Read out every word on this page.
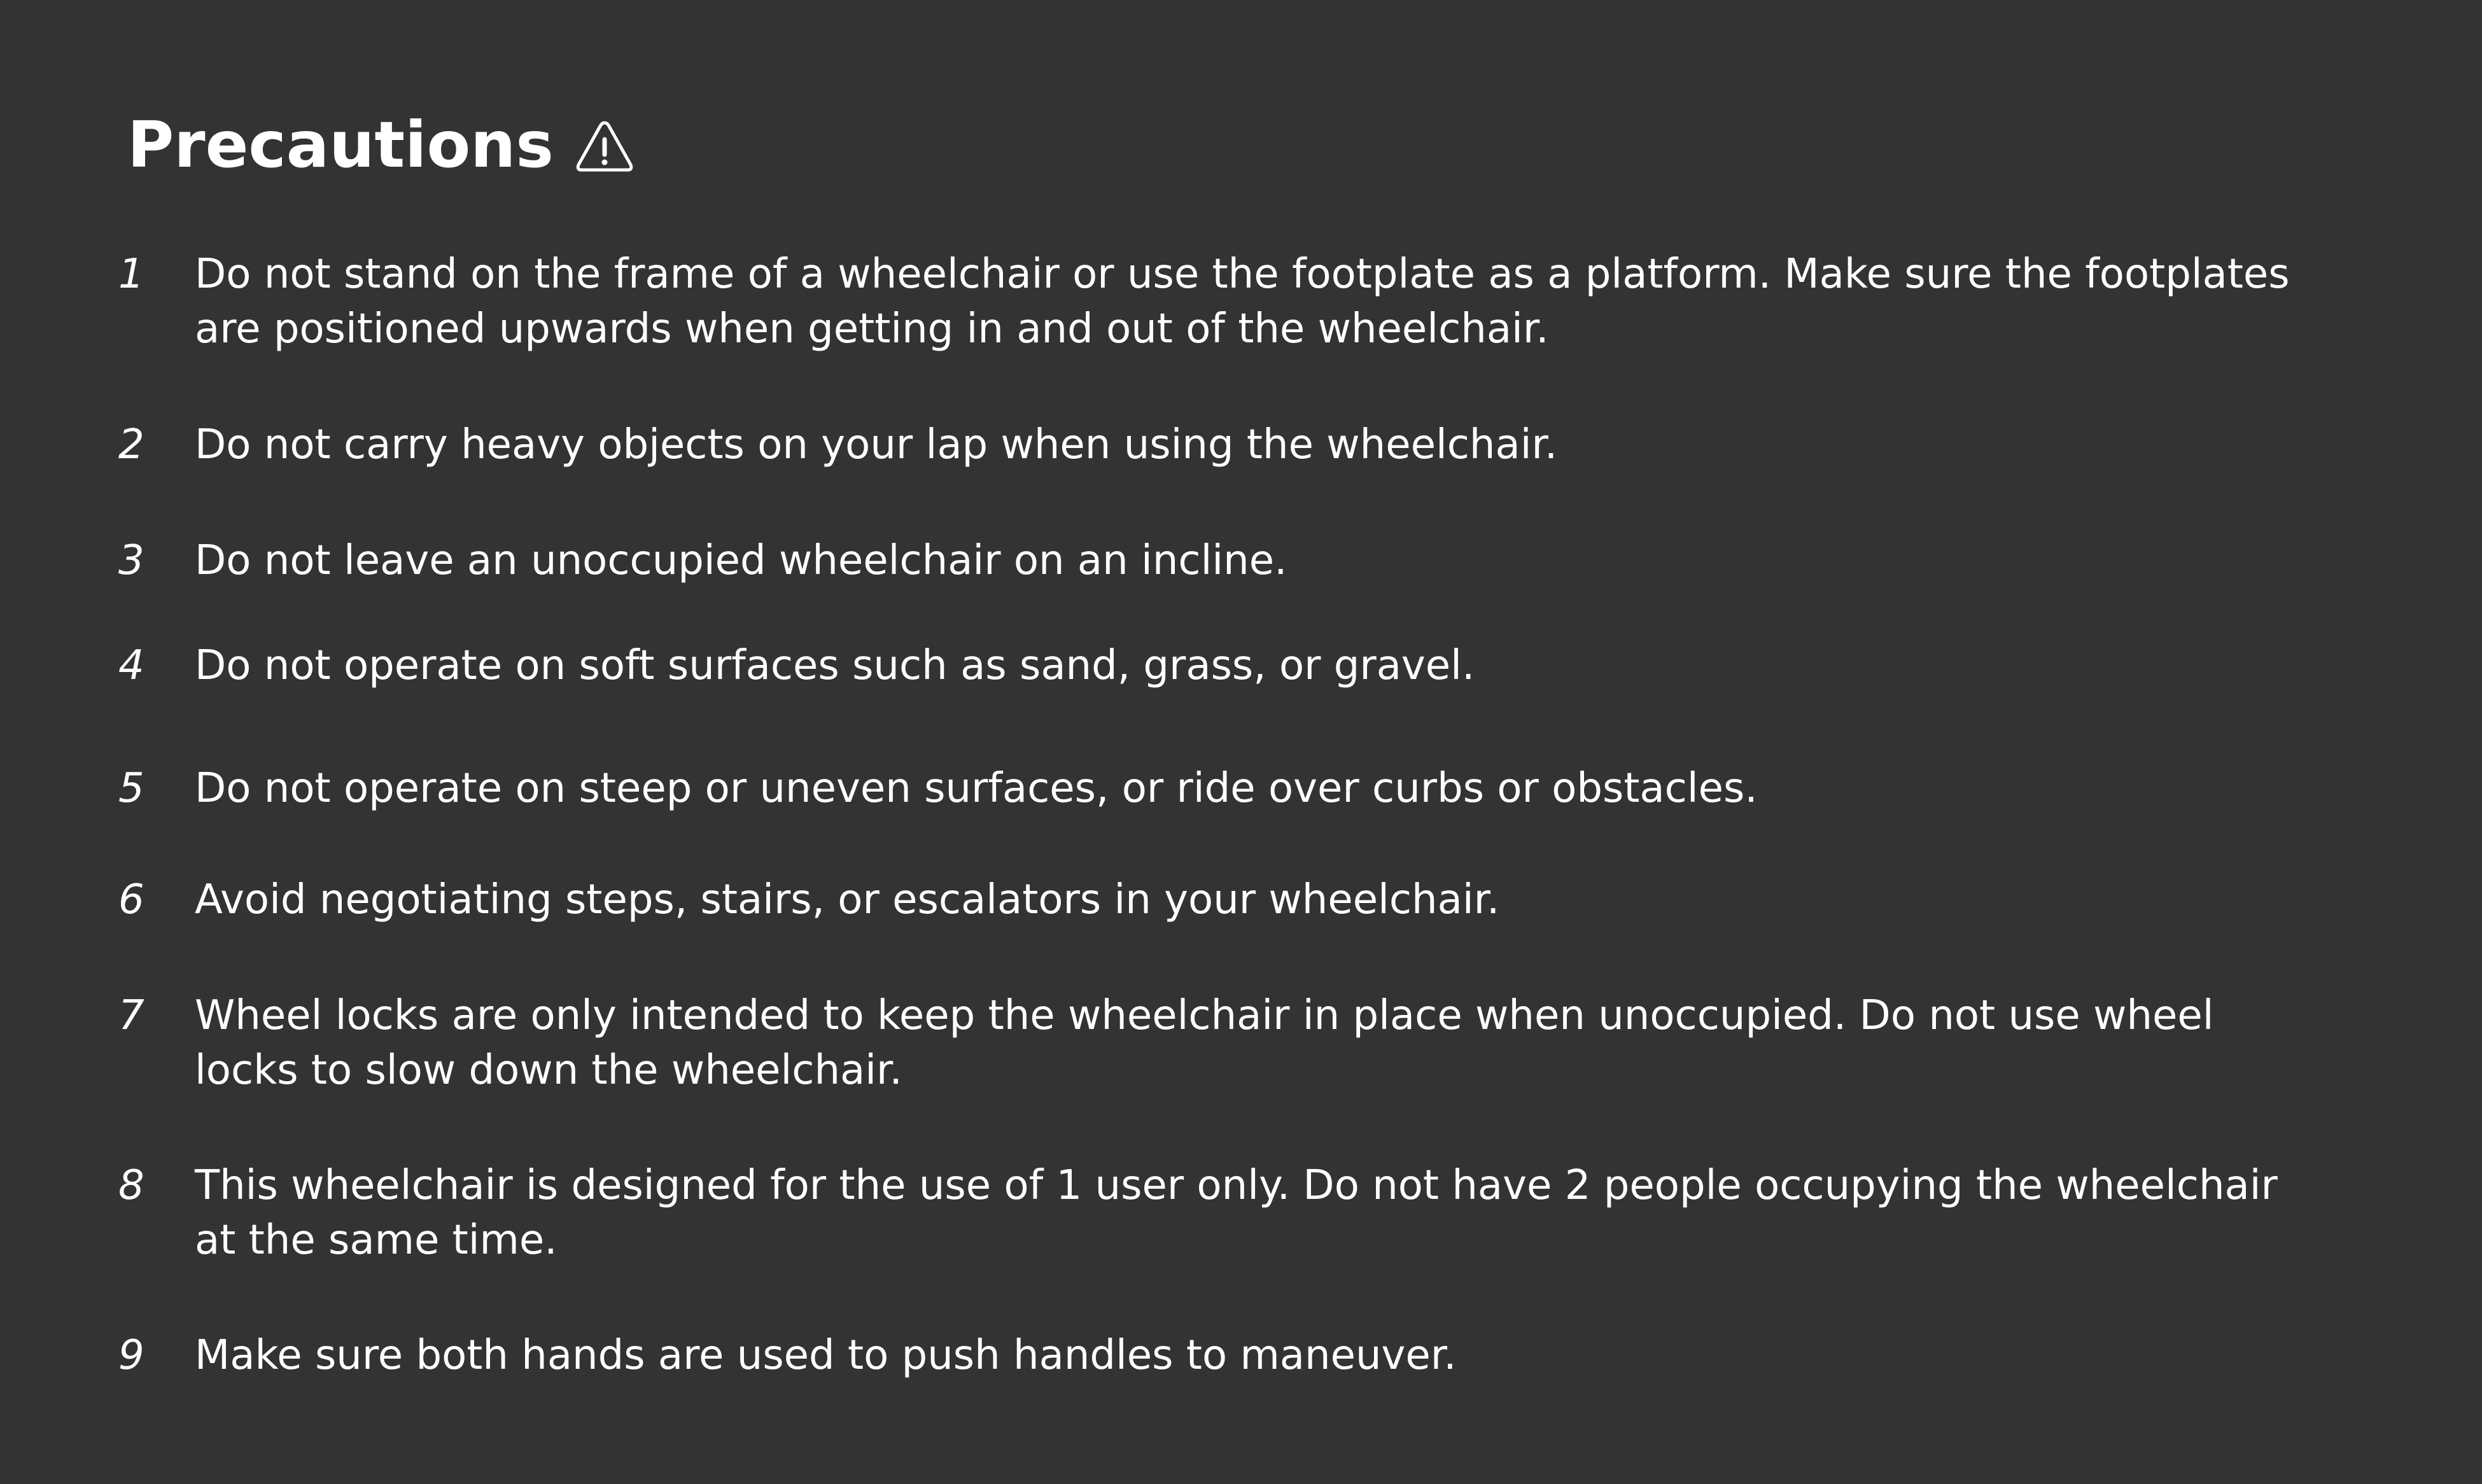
Precautions
1	Do not stand on the frame of a wheelchair or use the footplate as a platform. Make sure the footplates
are positioned upwards when getting in and out of the wheelchair.
2	Do not carry heavy objects on your lap when using the wheelchair.
3	Do not leave an unoccupied wheelchair on an incline.
4	Do not operate on soft surfaces such as sand, grass, or gravel.
5	Do not operate on steep or uneven surfaces, or ride over curbs or obstacles.
6	Avoid negotiating steps, stairs, or escalators in your wheelchair.
7	Wheel locks are only intended to keep the wheelchair in place when unoccupied. Do not use wheel
locks to slow down the wheelchair.
8	This wheelchair is designed for the use of 1 user only. Do not have 2 people occupying the wheelchair
at the same time.
9	Make sure both hands are used to push handles to maneuver.
